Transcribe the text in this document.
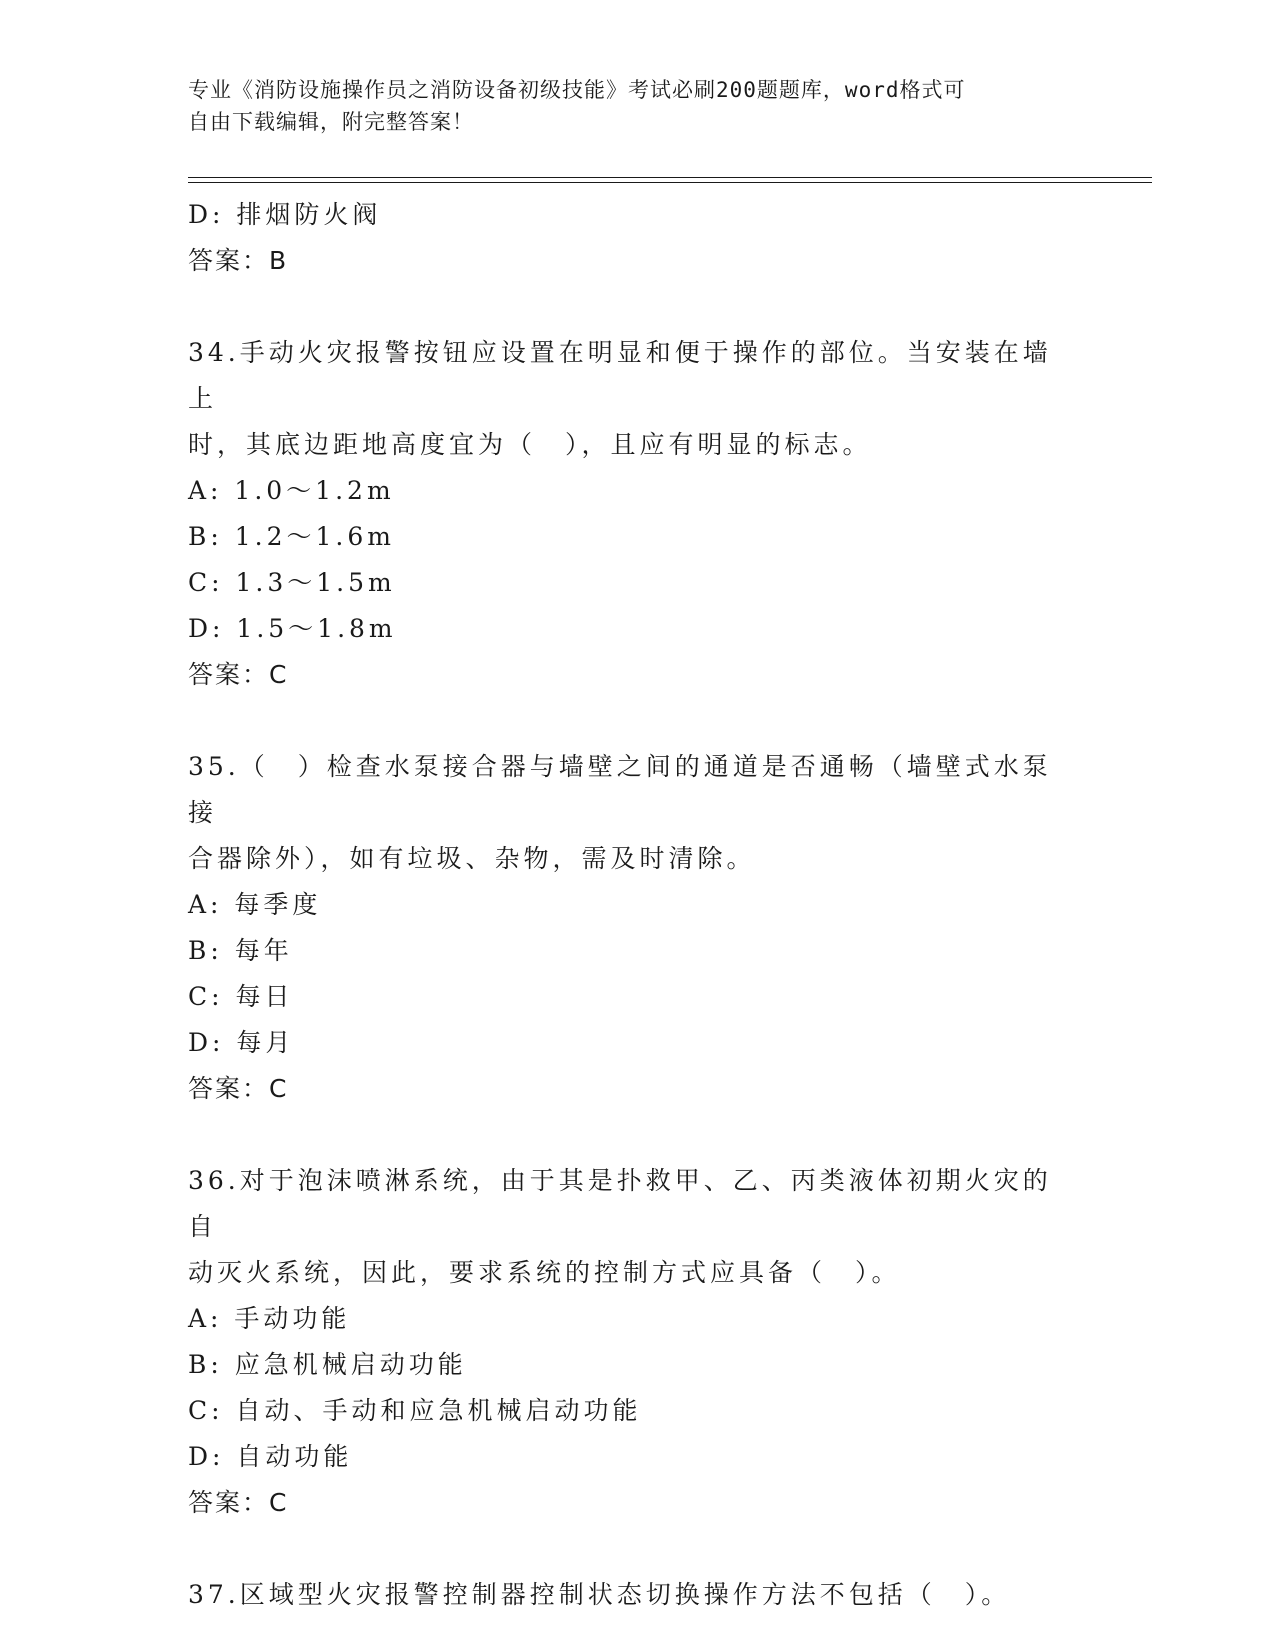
专业《消防设施操作员之消防设备初级技能》考试必刷200题题库，word格式可
自由下载编辑，附完整答案！
D: 排烟防火阀
答案：B
34.手动火灾报警按钮应设置在明显和便于操作的部位。当安装在墙上
时，其底边距地高度宜为（　），且应有明显的标志。
A: 1.0～1.2m
B: 1.2～1.6m
C: 1.3～1.5m
D: 1.5～1.8m
答案：C
35.（　）检查水泵接合器与墙壁之间的通道是否通畅（墙壁式水泵接
合器除外），如有垃圾、杂物，需及时清除。
A: 每季度
B: 每年
C: 每日
D: 每月
答案：C
36.对于泡沫喷淋系统，由于其是扑救甲、乙、丙类液体初期火灾的自
动灭火系统，因此，要求系统的控制方式应具备（　）。
A: 手动功能
B: 应急机械启动功能
C: 自动、手动和应急机械启动功能
D: 自动功能
答案：C
37.区域型火灾报警控制器控制状态切换操作方法不包括（　）。
